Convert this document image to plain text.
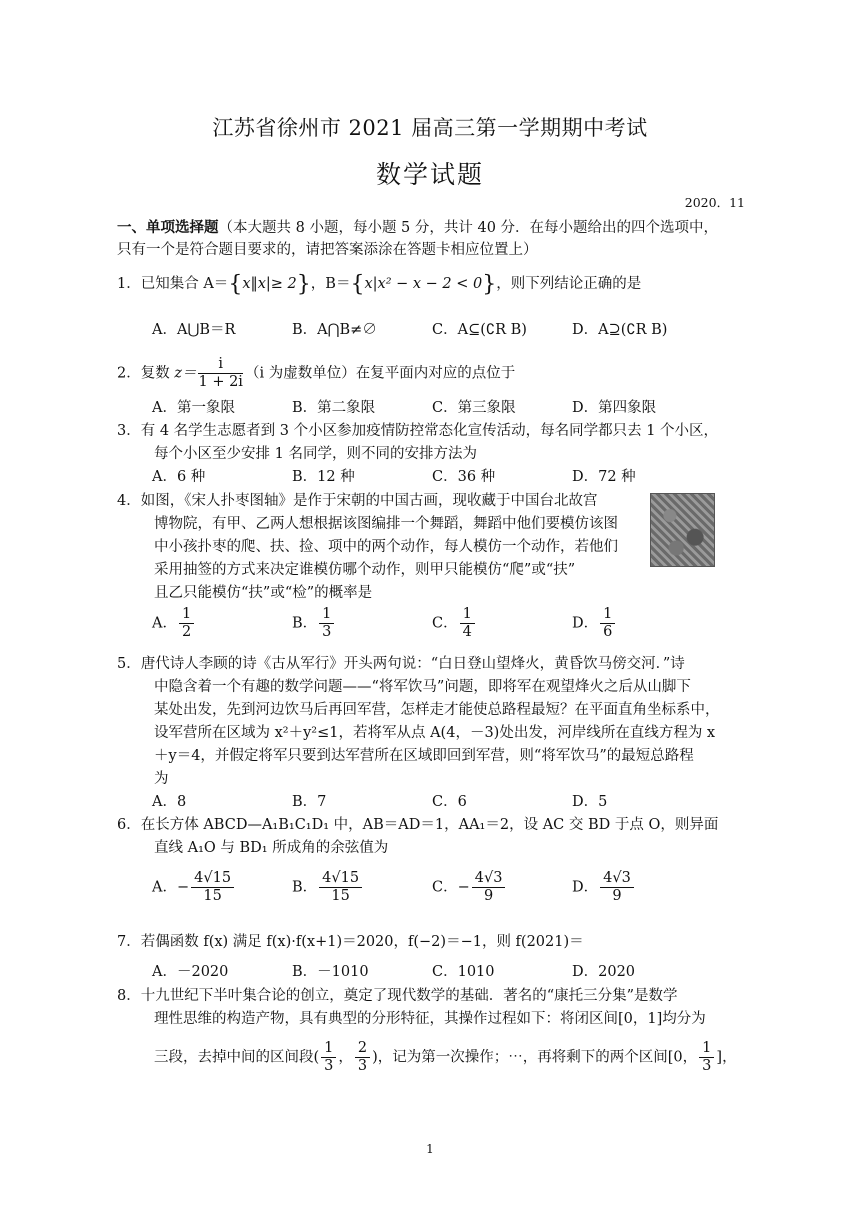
江苏省徐州市 2021 届高三第一学期期中考试
数学试题
2020．11
一、单项选择题（本大题共 8 小题，每小题 5 分，共计 40 分．在每小题给出的四个选项中，
只有一个是符合题目要求的，请把答案添涂在答题卡相应位置上）
1．已知集合 A＝{x‖x|≥ 2}，B＝{x|x² − x − 2 < 0}，则下列结论正确的是
A．A⋃B＝R	B．A⋂B≠∅	C．A⊆(∁R B)	D．A⊇(∁R B)
2．复数 $z= \frac{i}{1 + 2i} (i$ 为虚数单位）在复平面内对应的点位于
A．第一象限	B．第二象限	C．第三象限	D．第四象限
3．有 4 名学生志愿者到 3 个小区参加疫情防控常态化宣传活动，每名同学都只去 1 个小区，
每个小区至少安排 1 名同学，则不同的安排方法为
A．6 种	B．12 种	C．36 种	D．72 种
4．如图，《宋人扑枣图轴》是作于宋朝的中国古画，现收藏于中国台北故宫
博物院，有甲、乙两人想根据该图编排一个舞蹈，舞蹈中他们要模仿该图
中小孩扑枣的爬、扶、捡、项中的两个动作，每人模仿一个动作，若他们
采用抽签的方式来决定谁模仿哪个动作，则甲只能模仿“爬”或“扶”
且乙只能模仿“扶”或“检”的概率是
A． $\frac{1}{2}$	B． $\frac{1}{3}$	C． $\frac{1}{4}$	D． $\frac{1}{6}$
5．唐代诗人李顾的诗《古从军行》开头两句说：“白日登山望烽火，黄昏饮马傍交河．”诗
中隐含着一个有趣的数学问题——“将军饮马”问题，即将军在观望烽火之后从山脚下
某处出发，先到河边饮马后再回军营，怎样走才能使总路程最短？在平面直角坐标系中，
设军营所在区域为 x²＋y²≤1，若将军从点 A(4，－3)处出发，河岸线所在直线方程为 x
＋y＝4，并假定将军只要到达军营所在区域即回到军营，则“将军饮马”的最短总路程
为
A．8	B．7	C．6	D．5
6．在长方体 ABCD—A₁B₁C₁D₁ 中，AB＝AD＝1，AA₁＝2，设 AC 交 BD 于点 O，则异面
直线 A₁O 与 BD₁ 所成角的余弦值为
A．− $\frac{4√15}{15}$	B． $\frac{4√15}{15}$	C．− $\frac{4√3}{9}$	D． $\frac{4√3}{9}$
7．若偶函数 f(x) 满足 f(x)·f(x+1)＝2020，f(−2)＝−1，则 f(2021)＝
A．－2020	B．－1010	C．1010	D．2020
8．十九世纪下半叶集合论的创立，奠定了现代数学的基础．著名的“康托三分集”是数学
理性思维的构造产物，具有典型的分形特征，其操作过程如下：将闭区间[0，1]均分为
三段，去掉中间的区间段( $\frac{1}{3}$ ， $\frac{2}{3}$ )，记为第一次操作；⋯，再将剩下的两个区间[0， $\frac{1}{3}$ ]，
1
